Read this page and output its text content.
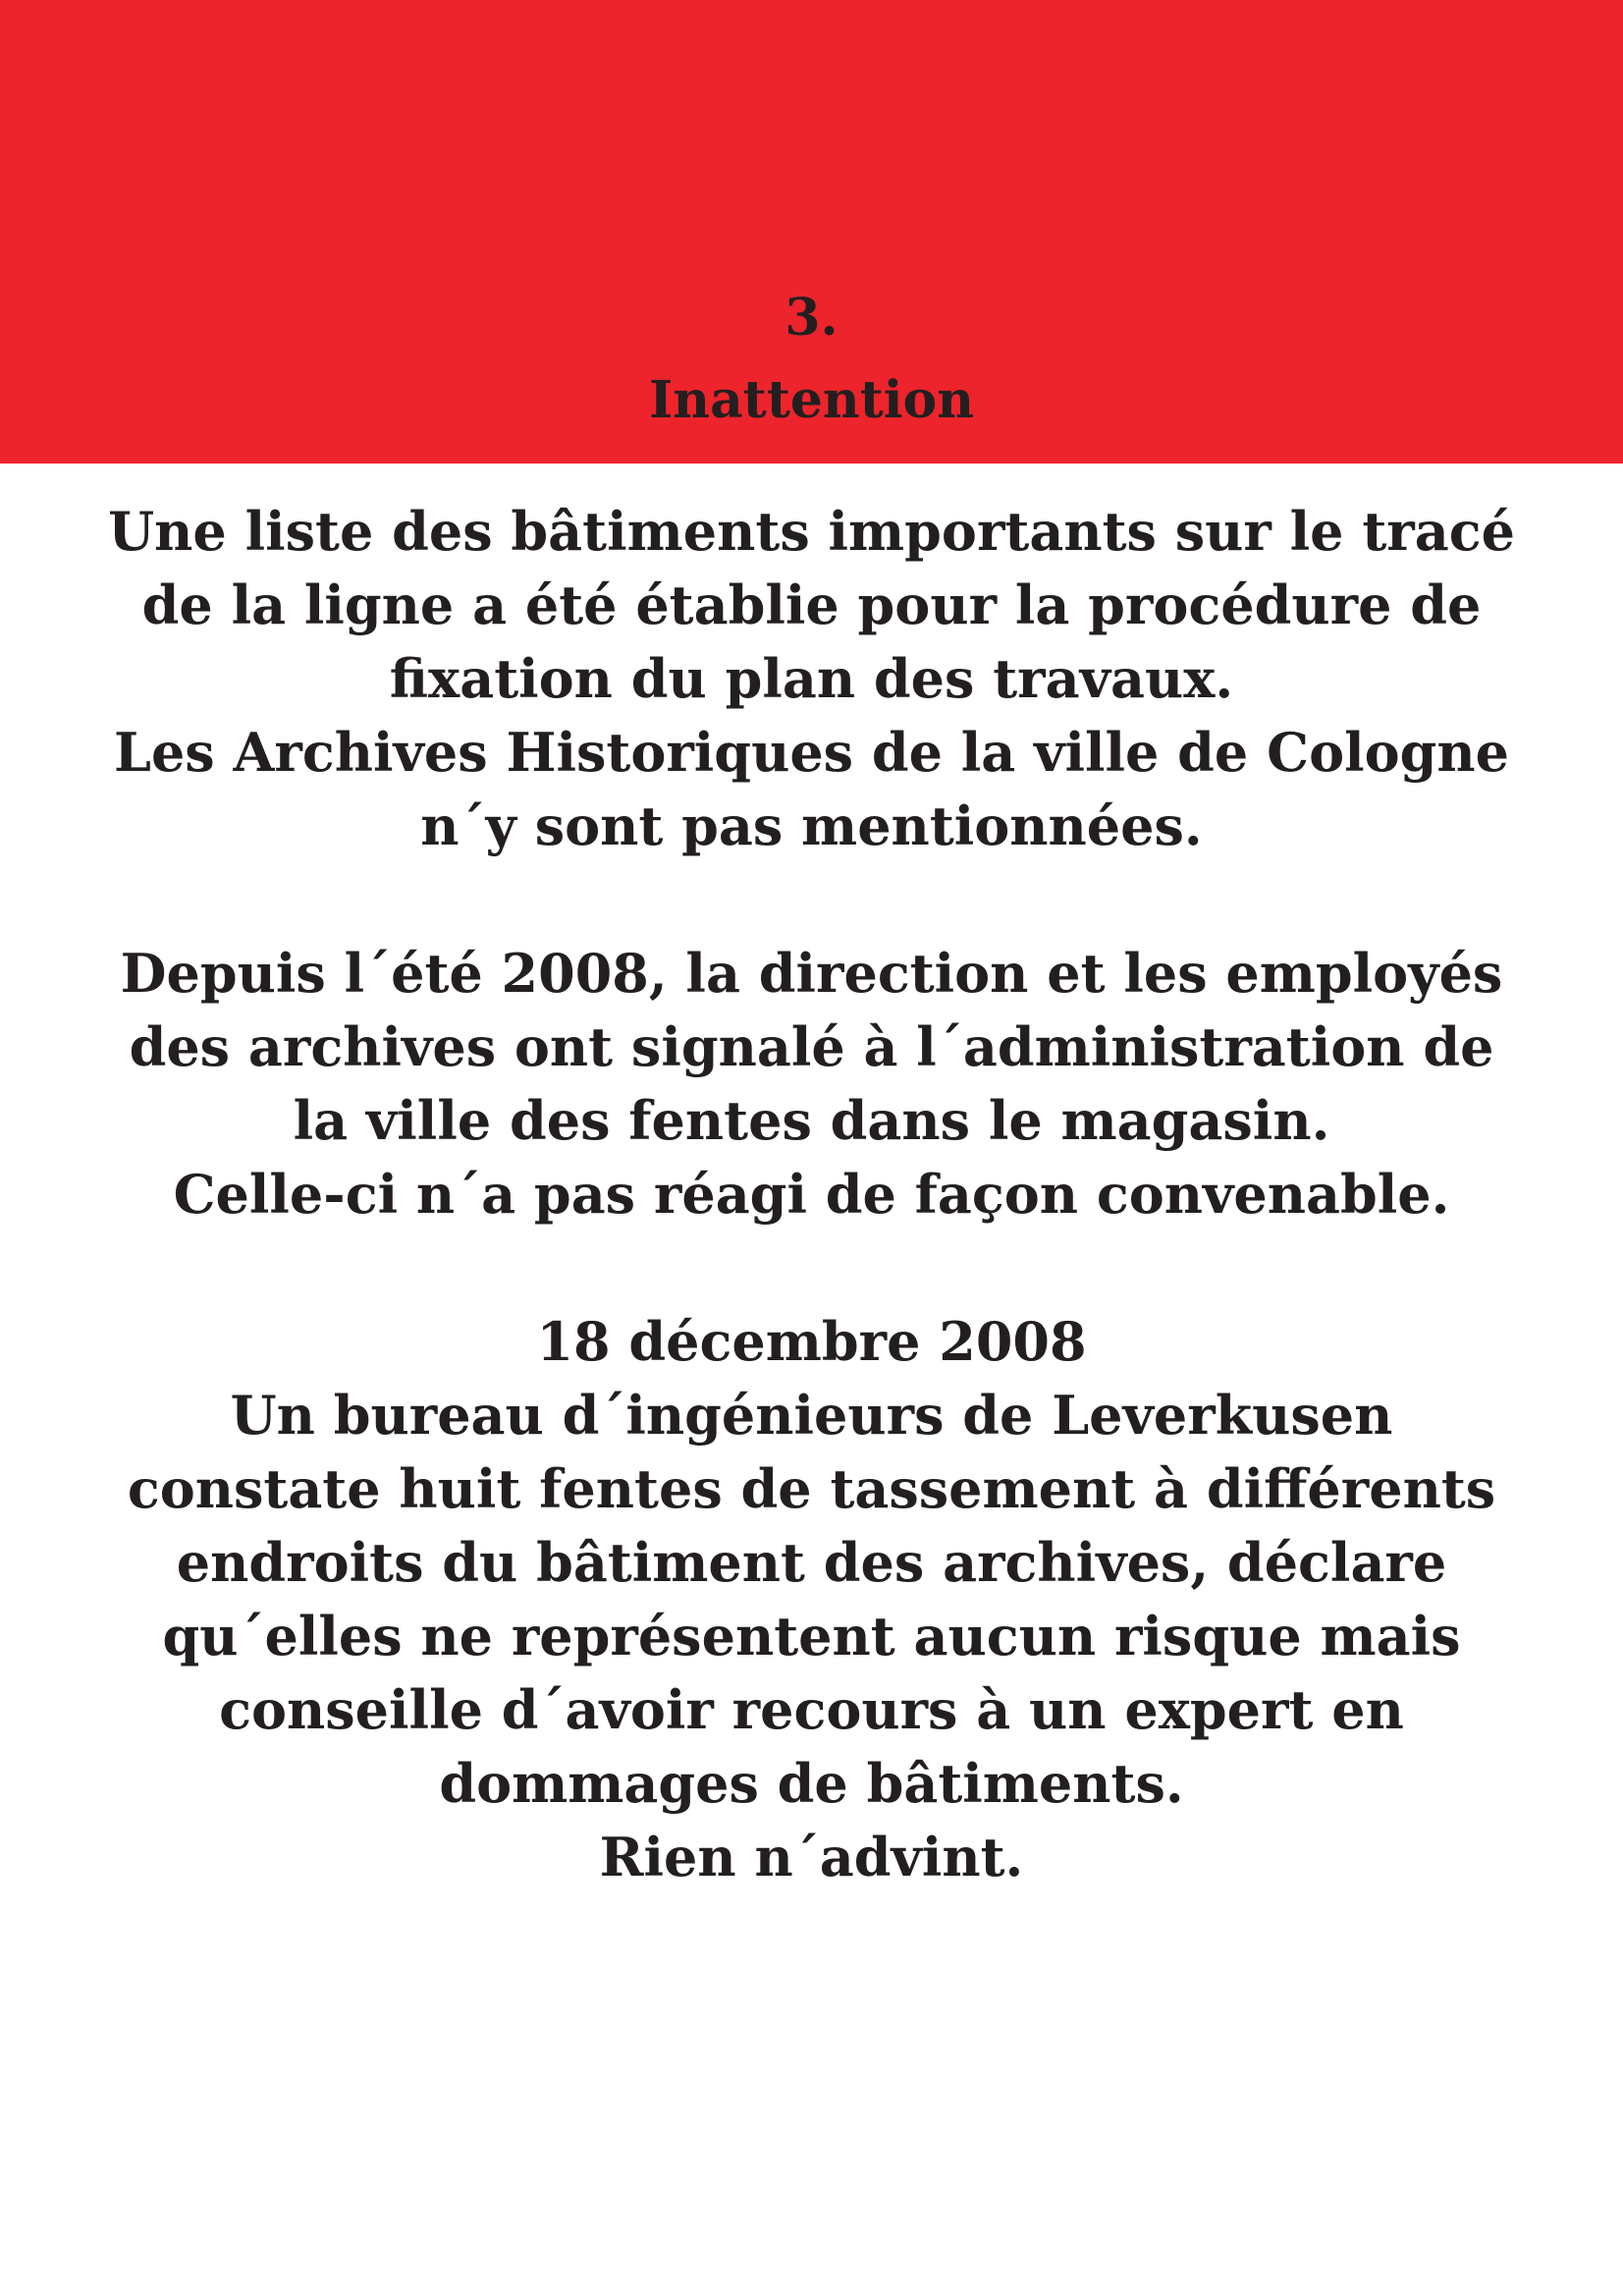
3.
Inattention
Une liste des bâtiments importants sur le tracé
de la ligne a été établie pour la procédure de
fixation du plan des travaux.
Les Archives Historiques de la ville de Cologne
n´y sont pas mentionnées.
Depuis l´été 2008, la direction et les employés
des archives ont signalé à l´administration de
la ville des fentes dans le magasin.
Celle-ci n´a pas réagi de façon convenable.
18 décembre 2008
Un bureau d´ingénieurs de Leverkusen
constate huit fentes de tassement à différents
endroits du bâtiment des archives, déclare
qu´elles ne représentent aucun risque mais
conseille d´avoir recours à un expert en
dommages de bâtiments.
Rien n´advint.
